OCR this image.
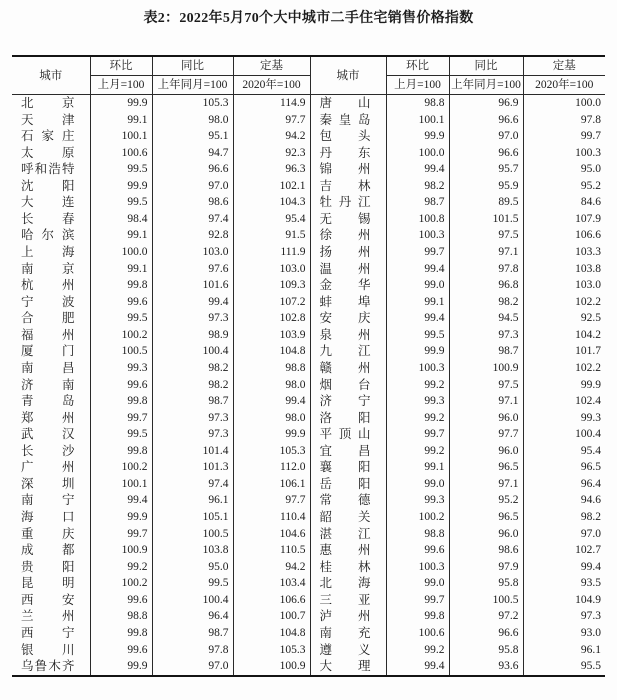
表2：2022年5月70个大中城市二手住宅销售价格指数
城市	环比	同比	定基	城市	环比	同比	定基
	上月=100	上年同月=100	2020年=100		上月=100	上年同月=100	2020年=100

北 京	99.9	105.3	114.9	唐 山	98.8	96.9	100.0

天 津	99.1	98.0	97.7	秦 皇 岛	100.1	96.6	97.8

石 家 庄	100.1	95.1	94.2	包 头	99.9	97.0	99.7

太 原	100.6	94.7	92.3	丹 东	100.0	96.6	100.3

呼 和 浩 特	99.5	96.6	96.3	锦 州	99.4	95.7	95.0

沈 阳	99.9	97.0	102.1	吉 林	98.2	95.9	95.2

大 连	99.5	98.6	104.3	牡 丹 江	98.7	89.5	84.6

长 春	98.4	97.4	95.4	无 锡	100.8	101.5	107.9

哈 尔 滨	99.1	92.8	91.5	徐 州	100.3	97.5	106.6

上 海	100.0	103.0	111.9	扬 州	99.7	97.1	103.3

南 京	99.1	97.6	103.0	温 州	99.4	97.8	103.8

杭 州	99.8	101.6	109.3	金 华	99.0	96.8	103.0

宁 波	99.6	99.4	107.2	蚌 埠	99.1	98.2	102.2

合 肥	99.5	97.3	102.8	安 庆	99.4	94.5	92.5

福 州	100.2	98.9	103.9	泉 州	99.5	97.3	104.2

厦 门	100.5	100.4	104.8	九 江	99.9	98.7	101.7

南 昌	99.3	98.2	98.8	赣 州	100.3	100.9	102.2

济 南	99.6	98.2	98.0	烟 台	99.2	97.5	99.9

青 岛	99.8	98.7	99.4	济 宁	99.3	97.1	102.4

郑 州	99.7	97.3	98.0	洛 阳	99.2	96.0	99.3

武 汉	99.5	97.3	99.9	平 顶 山	99.7	97.7	100.4

长 沙	99.8	101.4	105.3	宜 昌	99.2	96.0	95.4

广 州	100.2	101.3	112.0	襄 阳	99.1	96.5	96.5

深 圳	100.1	97.4	106.1	岳 阳	99.0	97.1	96.4

南 宁	99.4	96.1	97.7	常 德	99.3	95.2	94.6

海 口	99.9	105.1	110.4	韶 关	100.2	96.5	98.2

重 庆	99.7	100.5	104.6	湛 江	98.8	96.0	97.0

成 都	100.9	103.8	110.5	惠 州	99.6	98.6	102.7

贵 阳	99.2	95.0	94.2	桂 林	100.3	97.9	99.4

昆 明	100.2	99.5	103.4	北 海	99.0	95.8	93.5

西 安	99.6	100.4	106.6	三 亚	99.7	100.5	104.9

兰 州	98.8	96.4	100.7	泸 州	99.8	97.2	97.3

西 宁	99.8	98.7	104.8	南 充	100.6	96.6	93.0

银 川	99.6	97.8	105.3	遵 义	99.2	95.8	96.1

乌 鲁 木 齐	99.9	97.0	100.9	大 理	99.4	93.6	95.5
